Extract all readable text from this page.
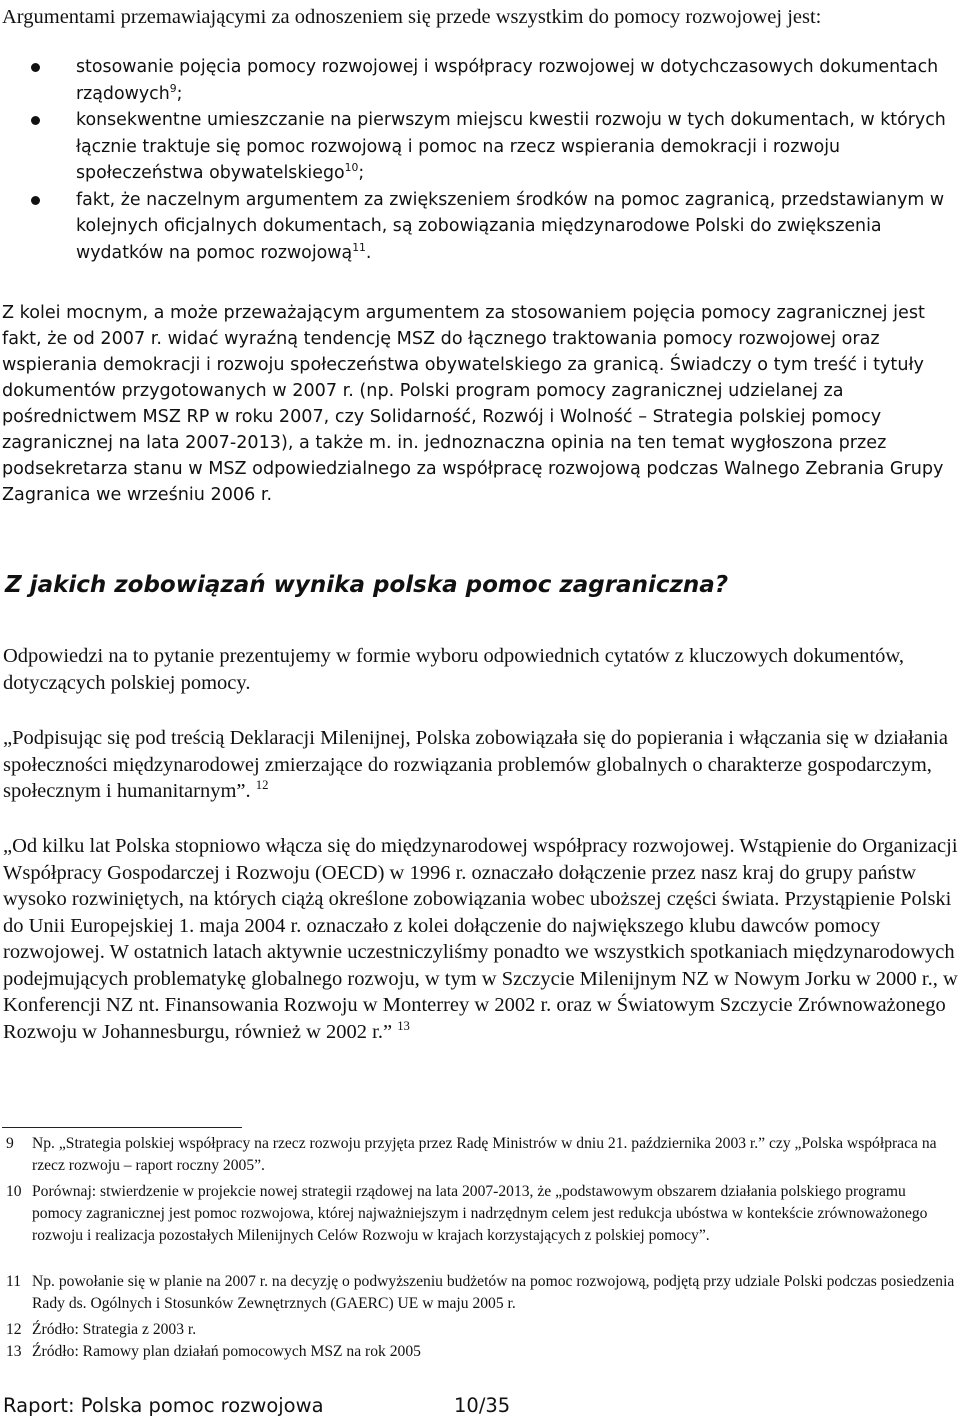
Argumentami przemawiającymi za odnoszeniem się przede wszystkim do pomocy rozwojowej jest:

stosowanie pojęcia pomocy rozwojowej i współpracy rozwojowej w dotychczasowych dokumentach rządowych$^9$;
konsekwentne umieszczanie na pierwszym miejscu kwestii rozwoju w tych dokumentach, w których łącznie traktuje się pomoc rozwojową i pomoc na rzecz wspierania demokracji i rozwoju społeczeństwa obywatelskiego$^{10}$;
fakt, że naczelnym argumentem za zwiększeniem środków na pomoc zagranicą, przedstawianym w kolejnych oficjalnych dokumentach, są zobowiązania międzynarodowe Polski do zwiększenia wydatków na pomoc rozwojową$^{11}$.

Z kolei mocnym, a może przeważającym argumentem za stosowaniem pojęcia pomocy zagranicznej jest fakt, że od 2007 r. widać wyraźną tendencję MSZ do łącznego traktowania pomocy rozwojowej oraz wspierania demokracji i rozwoju społeczeństwa obywatelskiego za granicą. Świadczy o tym treść i tytuły dokumentów przygotowanych w 2007 r. (np. Polski program pomocy zagranicznej udzielanej za pośrednictwem MSZ RP w roku 2007, czy Solidarność, Rozwój i Wolność – Strategia polskiej pomocy zagranicznej na lata 2007-2013), a także m. in. jednoznaczna opinia na ten temat wygłoszona przez podsekretarza stanu w MSZ odpowiedzialnego za współpracę rozwojową podczas Walnego Zebrania Grupy Zagranica we wrześniu 2006 r.

Z jakich zobowiązań wynika polska pomoc zagraniczna?

Odpowiedzi na to pytanie prezentujemy w formie wyboru odpowiednich cytatów z kluczowych dokumentów, dotyczących polskiej pomocy.

„Podpisując się pod treścią Deklaracji Milenijnej, Polska zobowiązała się do popierania i włączania się w działania społeczności międzynarodowej zmierzające do rozwiązania problemów globalnych o charakterze gospodarczym, społecznym i humanitarnym”. $^{12}$

„Od kilku lat Polska stopniowo włącza się do międzynarodowej współpracy rozwojowej. Wstąpienie do Organizacji Współpracy Gospodarczej i Rozwoju (OECD) w 1996 r. oznaczało dołączenie przez nasz kraj do grupy państw wysoko rozwiniętych, na których ciążą określone zobowiązania wobec uboższej części świata. Przystąpienie Polski do Unii Europejskiej 1. maja 2004 r. oznaczało z kolei dołączenie do największego klubu dawców pomocy rozwojowej. W ostatnich latach aktywnie uczestniczyliśmy ponadto we wszystkich spotkaniach międzynarodowych podejmujących problematykę globalnego rozwoju, w tym w Szczycie Milenijnym NZ w Nowym Jorku w 2000 r., w Konferencji NZ nt. Finansowania Rozwoju w Monterrey w 2002 r. oraz w Światowym Szczycie Zrównoważonego Rozwoju w Johannesburgu, również w 2002 r.” $^{13}$

9	Np. „Strategia polskiej współpracy na rzecz rozwoju przyjęta przez Radę Ministrów w dniu 21. października 2003 r.” czy „Polska współpraca na rzecz rozwoju – raport roczny 2005”.
10 Porównaj: stwierdzenie w projekcie nowej strategii rządowej na lata 2007-2013, że „podstawowym obszarem działania polskiego programu pomocy zagranicznej jest pomoc rozwojowa, której najważniejszym i nadrzędnym celem jest redukcja ubóstwa w kontekście zrównoważonego rozwoju i realizacja pozostałych Milenijnych Celów Rozwoju w krajach korzystających z polskiej pomocy”.
11 Np. powołanie się w planie na 2007 r. na decyzję o podwyższeniu budżetów na pomoc rozwojową, podjętą przy udziale Polski podczas posiedzenia Rady ds. Ogólnych i Stosunków Zewnętrznych (GAERC) UE w maju 2005 r.
12 Źródło: Strategia z 2003 r.
13 Źródło: Ramowy plan działań pomocowych MSZ na rok 2005
Raport: Polska pomoc rozwojowa	10/35
